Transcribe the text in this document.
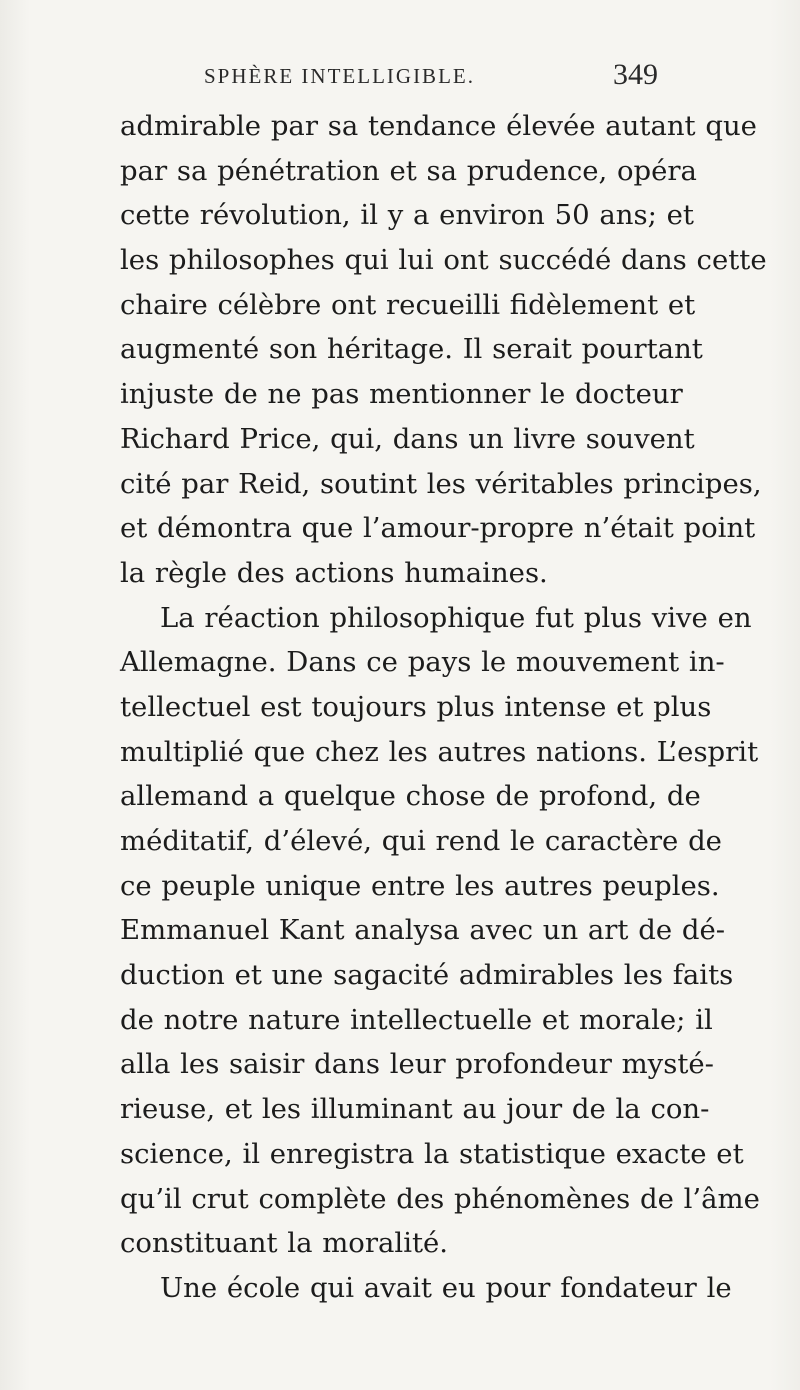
SPHÈRE INTELLIGIBLE.	349
admirable par sa tendance élevée autant que
par sa pénétration et sa prudence, opéra
cette révolution, il y a environ 50 ans; et
les philosophes qui lui ont succédé dans cette
chaire célèbre ont recueilli fidèlement et
augmenté son héritage. Il serait pourtant
injuste de ne pas mentionner le docteur
Richard Price, qui, dans un livre souvent
cité par Reid, soutint les véritables principes,
et démontra que l’amour-propre n’était point
la règle des actions humaines.
La réaction philosophique fut plus vive en
Allemagne. Dans ce pays le mouvement in-
tellectuel est toujours plus intense et plus
multiplié que chez les autres nations. L’esprit
allemand a quelque chose de profond, de
méditatif, d’élevé, qui rend le caractère de
ce peuple unique entre les autres peuples.
Emmanuel Kant analysa avec un art de dé-
duction et une sagacité admirables les faits
de notre nature intellectuelle et morale; il
alla les saisir dans leur profondeur mysté-
rieuse, et les illuminant au jour de la con-
science, il enregistra la statistique exacte et
qu’il crut complète des phénomènes de l’âme
constituant la moralité.
Une école qui avait eu pour fondateur le
